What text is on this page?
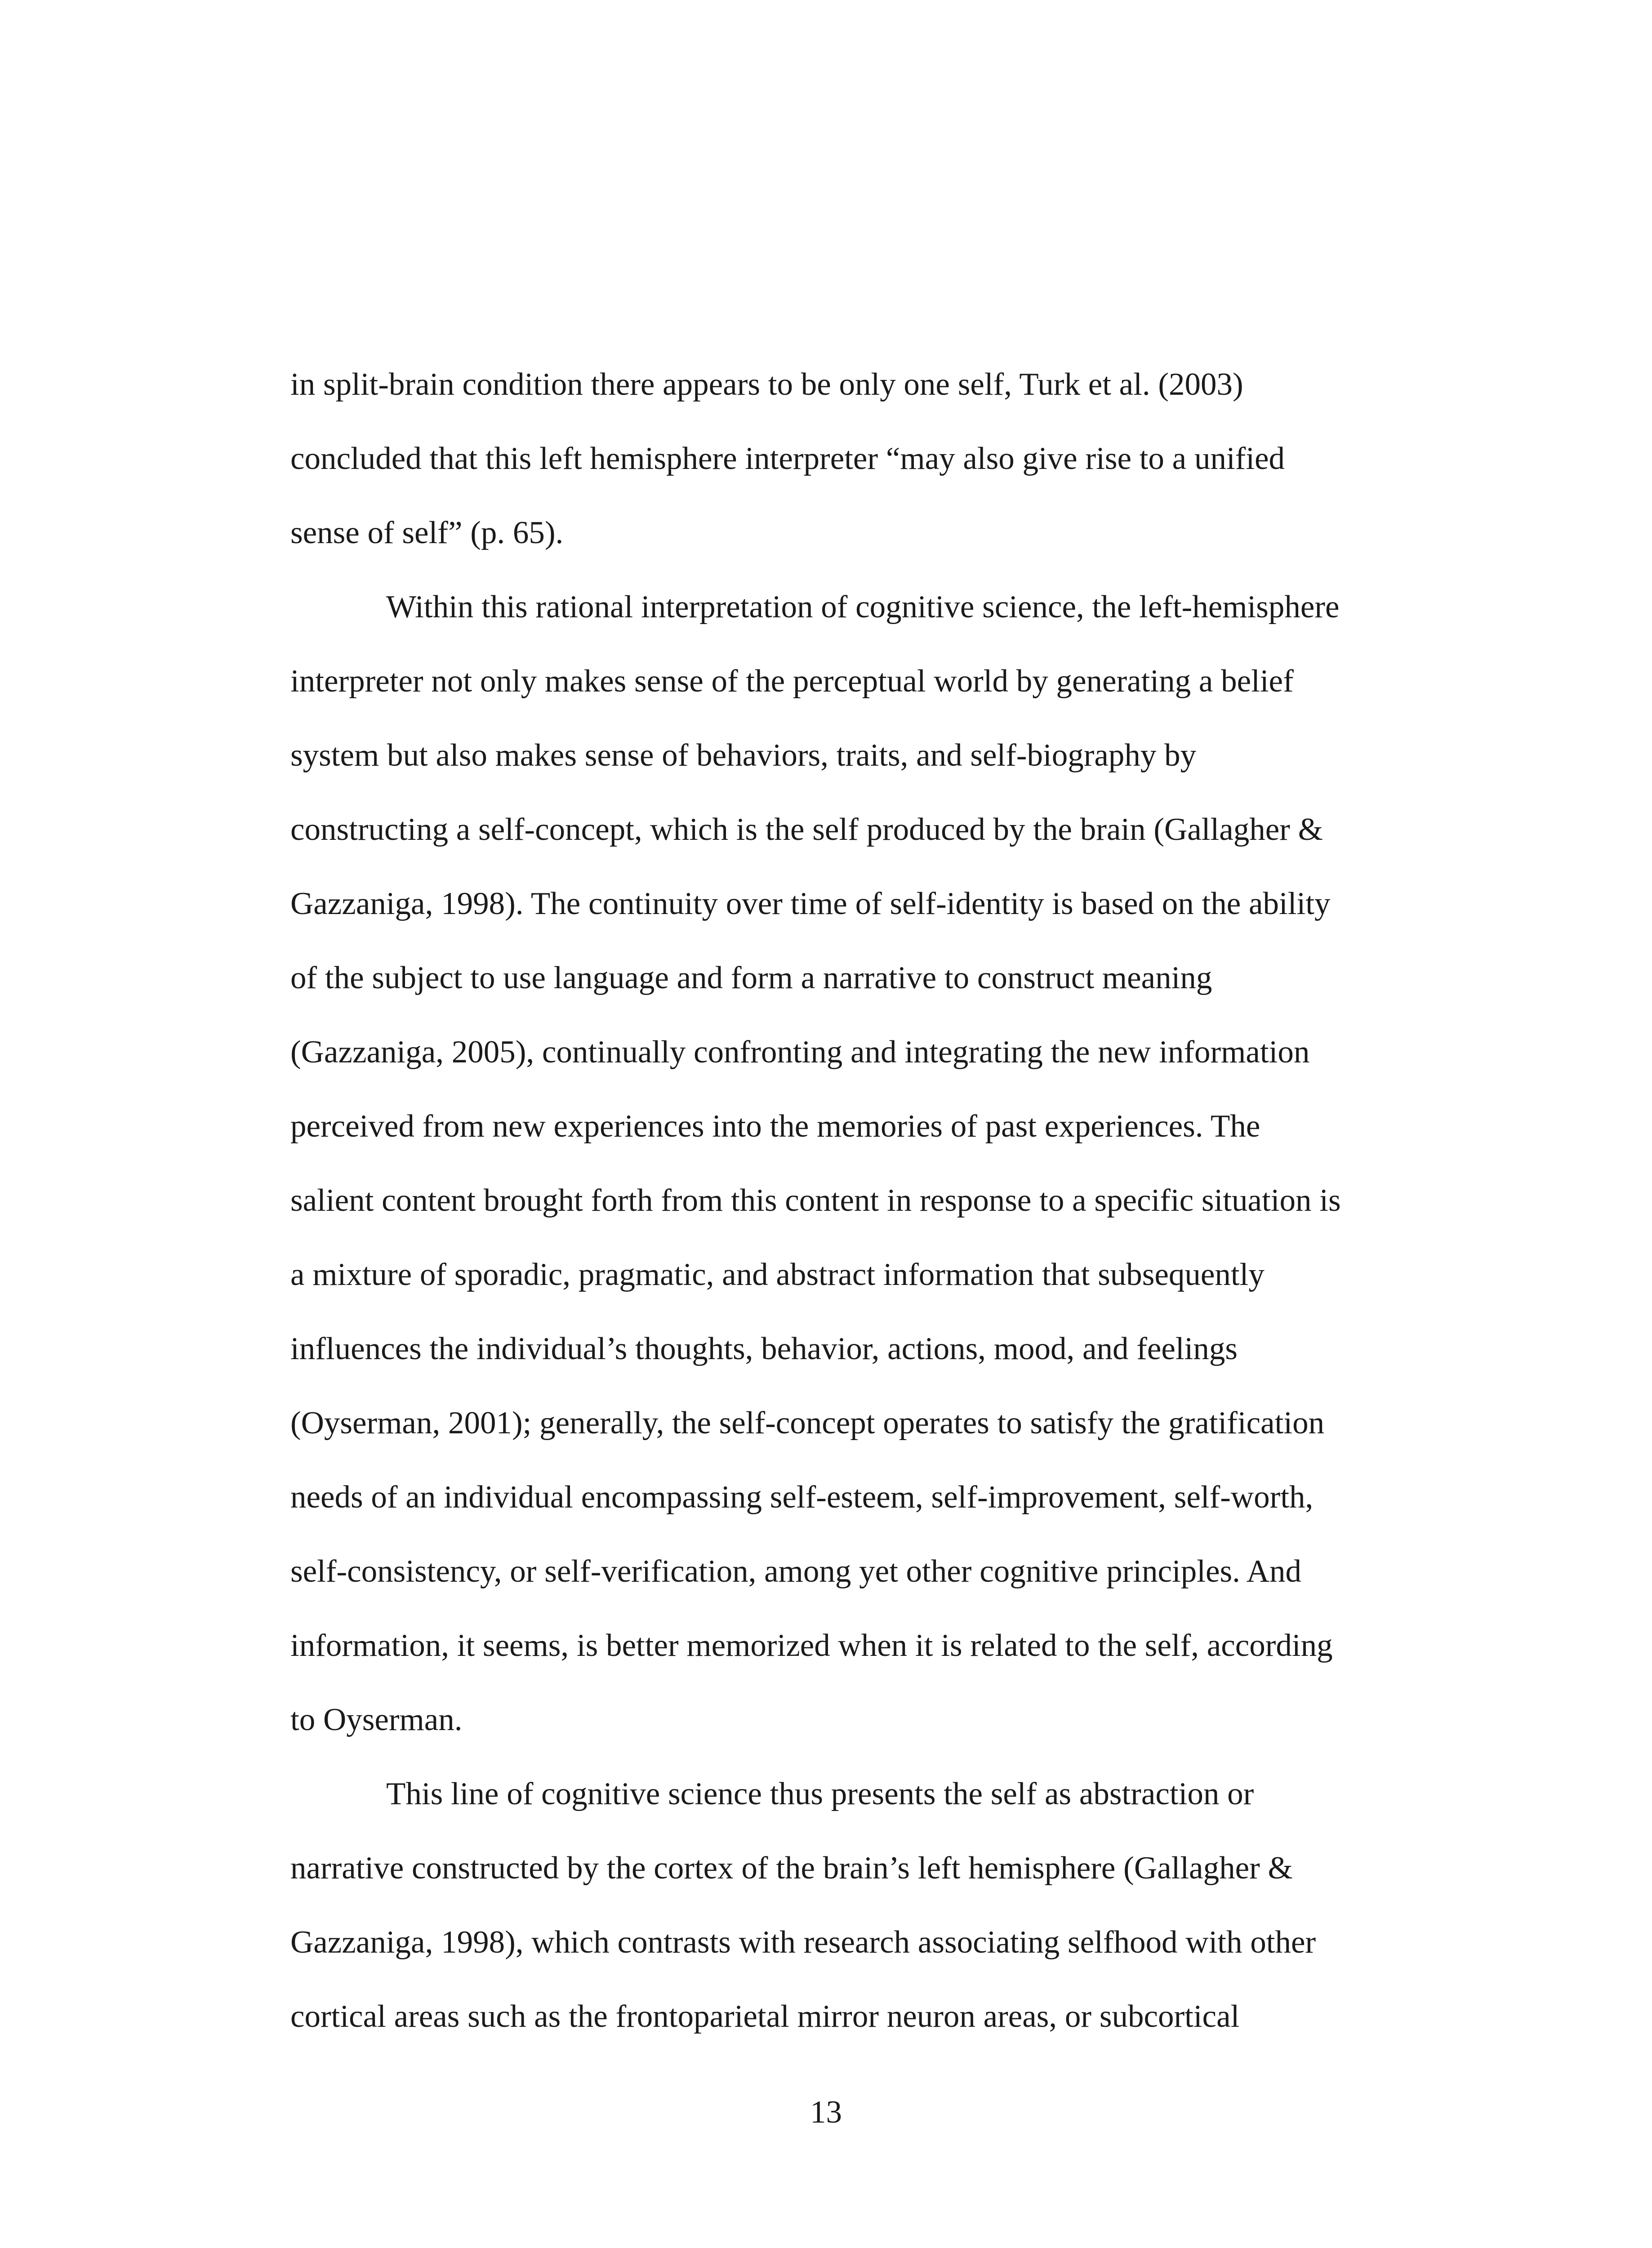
in split-brain condition there appears to be only one self, Turk et al. (2003)

concluded that this left hemisphere interpreter “may also give rise to a unified

sense of self” (p. 65).

Within this rational interpretation of cognitive science, the left-hemisphere

interpreter not only makes sense of the perceptual world by generating a belief

system but also makes sense of behaviors, traits, and self-biography by

constructing a self-concept, which is the self produced by the brain (Gallagher &

Gazzaniga, 1998). The continuity over time of self-identity is based on the ability

of the subject to use language and form a narrative to construct meaning

(Gazzaniga, 2005), continually confronting and integrating the new information

perceived from new experiences into the memories of past experiences. The

salient content brought forth from this content in response to a specific situation is

a mixture of sporadic, pragmatic, and abstract information that subsequently

influences the individual’s thoughts, behavior, actions, mood, and feelings

(Oyserman, 2001); generally, the self-concept operates to satisfy the gratification

needs of an individual encompassing self-esteem, self-improvement, self-worth,

self-consistency, or self-verification, among yet other cognitive principles. And

information, it seems, is better memorized when it is related to the self, according

to Oyserman.

This line of cognitive science thus presents the self as abstraction or

narrative constructed by the cortex of the brain’s left hemisphere (Gallagher &

Gazzaniga, 1998), which contrasts with research associating selfhood with other

cortical areas such as the frontoparietal mirror neuron areas, or subcortical

13
